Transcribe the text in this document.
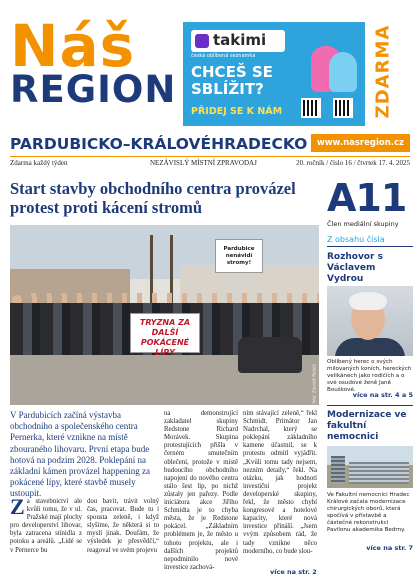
Náš
REGION
takimi
česká oblíbená seznamka
CHCEŠ SE SBLÍŽIT?
PŘIDEJ SE K NÁM	ZDARMA
PARDUBICKO–KRÁLOVÉHRADECKO	www.nasregion.cz
Zdarma každý týden	NEZÁVISLÝ MÍSTNÍ ZPRAVODAJ	20. ročník / číslo 16 / čtvrtek 17. 4. 2025
Start stavby obchodního centra provázel protest proti kácení stromů
Pardubice nenávidí stromy!
TRYZNA ZA DALŠÍ POKÁCENÉ LÍPY
foto: Zdeněk Rubeš

V Pardubicích začíná výstavba obchodního a společenského centra Pernerka, které vznikne na místě zbouraného lihovaru. První etapa bude hotová na podzim 2028. Poklepání na základní kámen provázel happening za pokácené lípy, které stavbě musely ustoupit.

Za stavebnictví ale kvůli tomu, že v ul. Pražské mají plochy pro developerství lihovar, byla zatracena stínidla z potoku a areálů. „Lidé se v Pernerce bu
dou bavit, trávit volný čas, pracovat. Bude tu i spousta zeleně, i když slyšíme, že některá si to myslí jinak. Doufám, že výsledek je přesvědčí,“ reagoval ve svém projevu
na demonstrující zakladatel skupiny Redstone Richard Morávek. Skupina protestujících přišla v černém smutečním oblečení, protože v místě budoucího obchodního napojení do nového centra stálo šest lip, po nichž zůstaly jen pařezy. Podle iniciátora akce Jiřího Schmidta je to chyba města, že je Redstone pokácel. „Základním problémem je, že město u tohoto projektu, ale i dalších projektů nepodmínilo nové investice zachová-
ním stávající zeleně,“ řekl Schmidt. Primátor Jan Nadrchal, který se poklepání základního kamene účastnil, se k protestu odmítl vyjádřit. „Kvůli tomu tady nejsem, nezním detaily,“ řekl. Na otázku, jak hodnotí investiční projekt developerské skupiny, řekl, že město chybí kongresové a hotelové kapacity, které nová investice přináší. „Jsem vvým způsobem rád, že tady vznikne něco moderního, co bude slou-
více na str. 2
A11
Člen mediální skupiny
Z obsahu čísla
Rozhovor s Václavem Vydrou
Oblíbený herec o svých milovaných koních, hereckých velikánech jako rodičích a o své osudové ženě Janě Bouškové.
více na str. 4 a 5
Modernizace ve fakultní nemocnici
Ve Fakultní nemocnici Hradec Králové začala modernizace chirurgických oborů, která spočívá v přístavbě a částečné rekonstrukci Pavilonu akademika Bedrny.
více na str. 7
